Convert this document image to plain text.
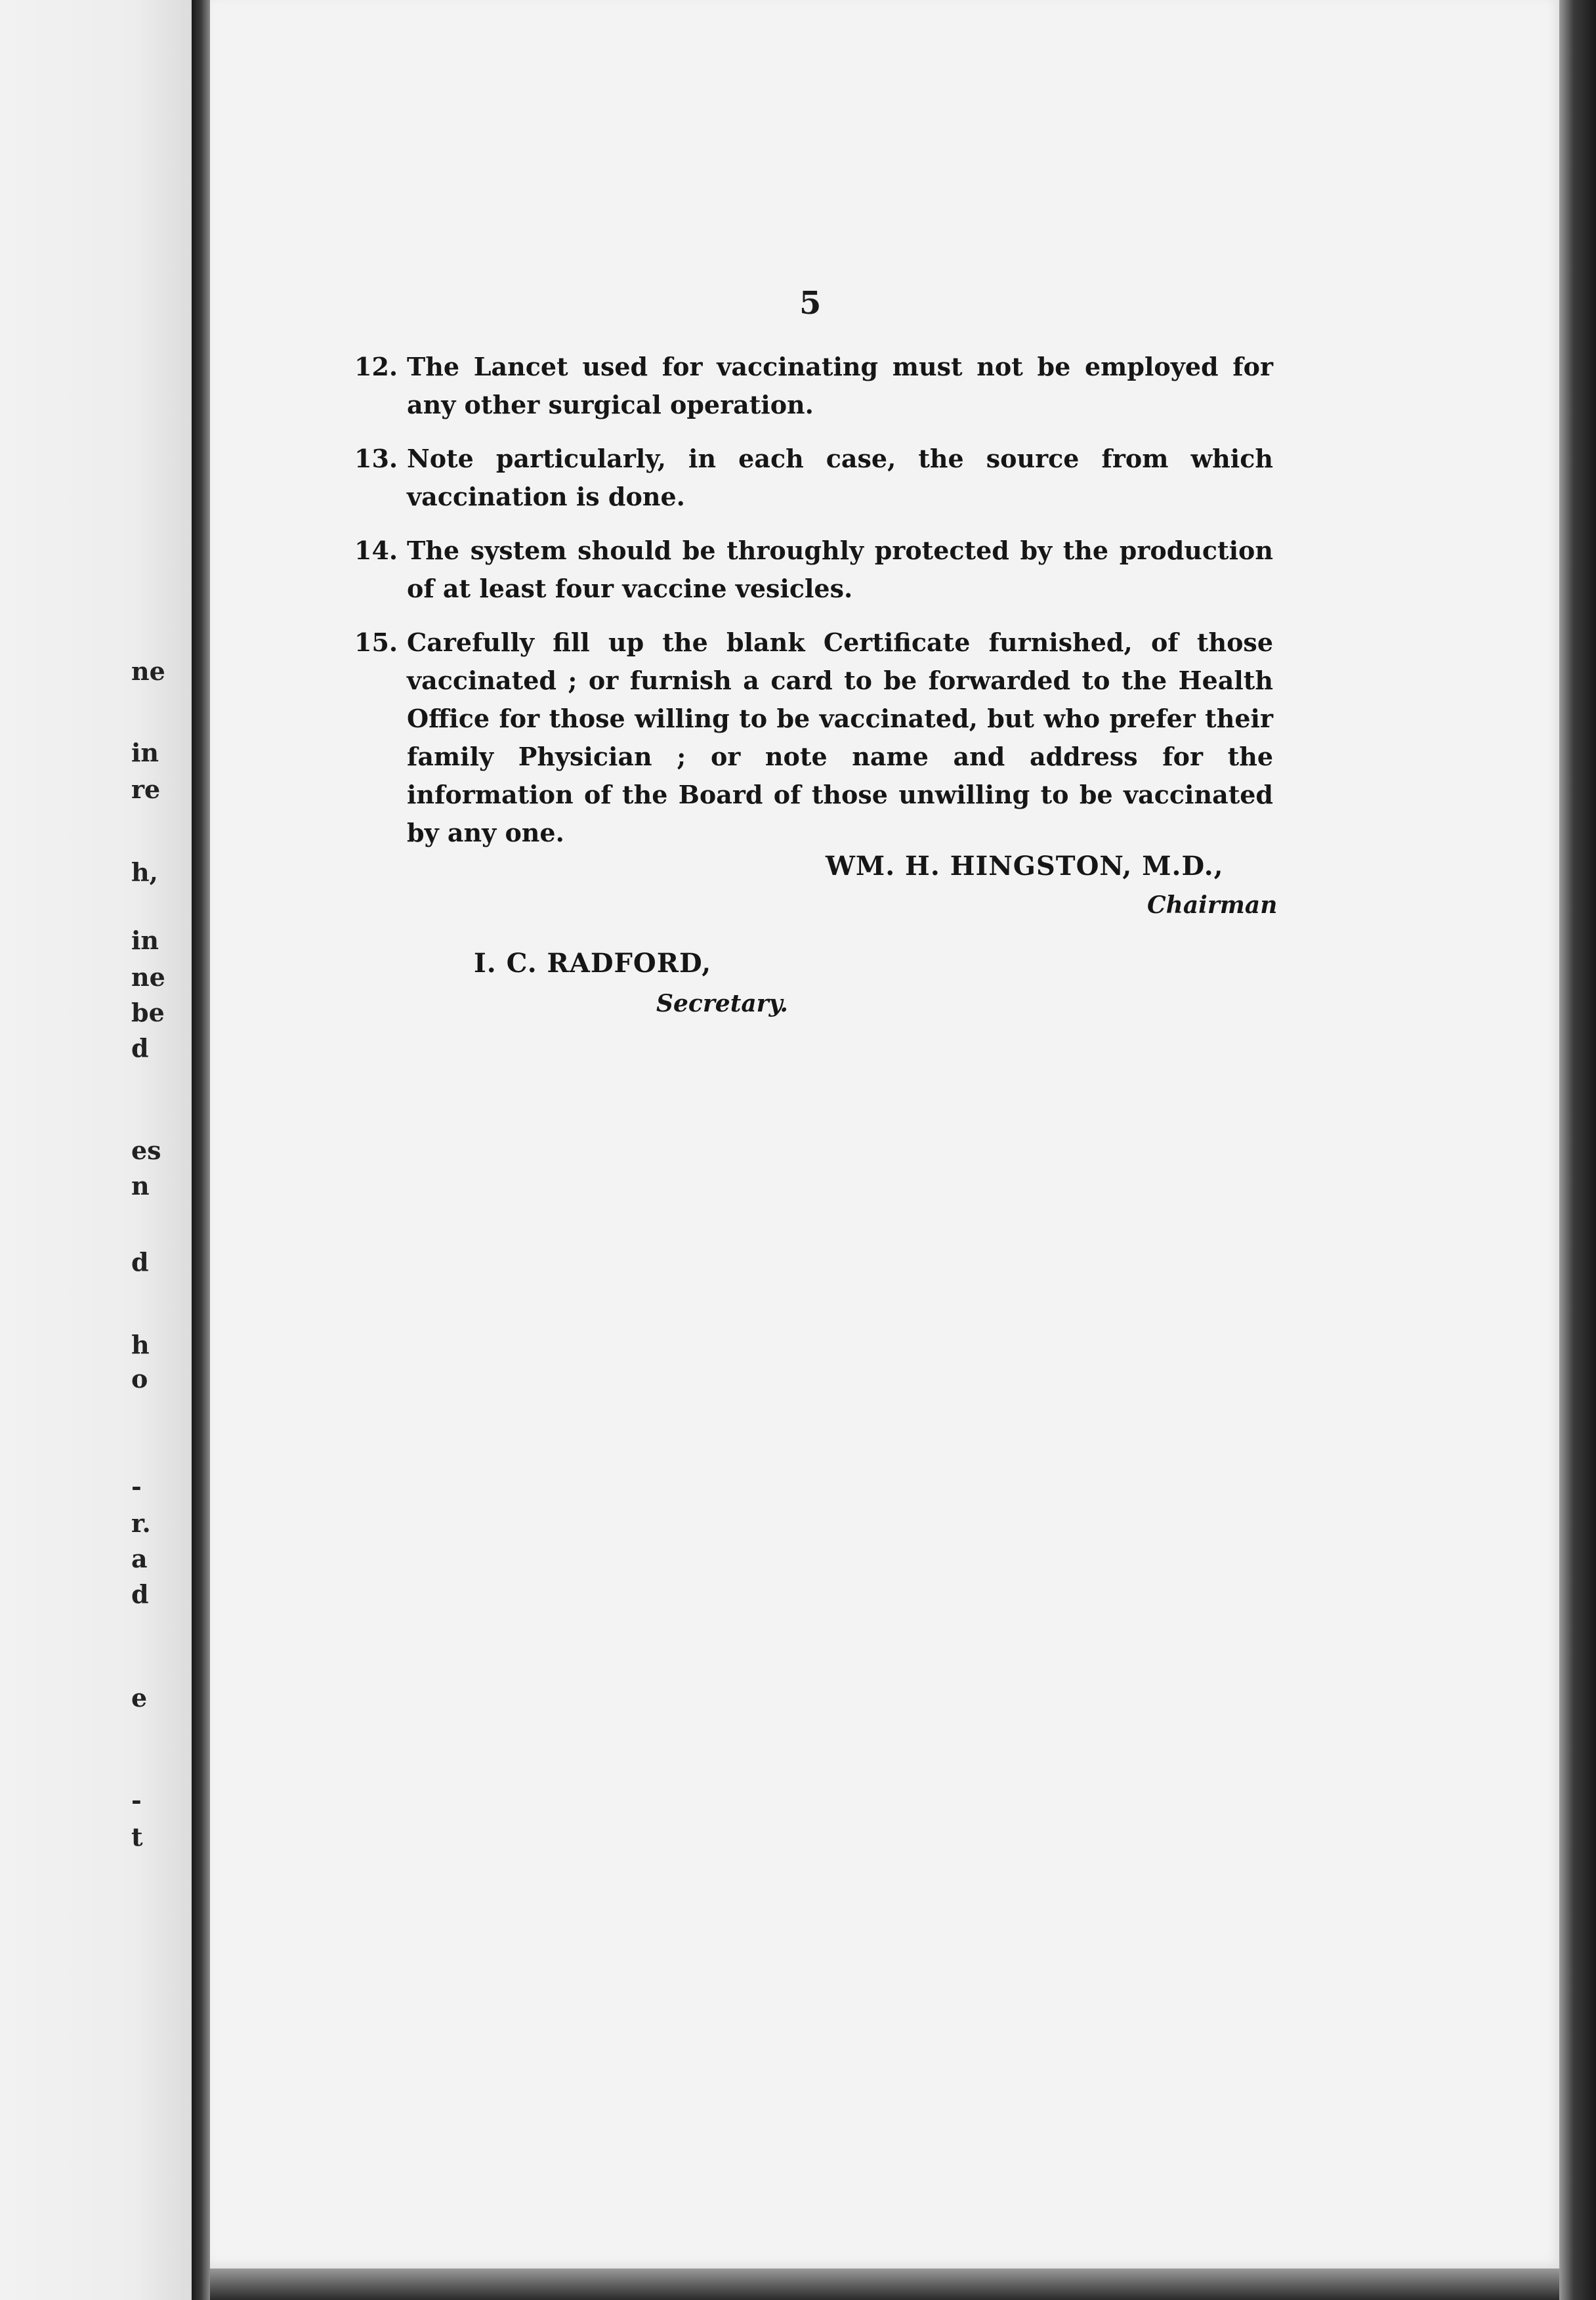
ne
in
re
h,
in
ne
be
d
es
n
d
h
o
-
r.
a
d
e
-
t
5
12. The Lancet used for vaccinating must not be employed for any other surgical operation.
13. Note particularly, in each case, the source from which vaccination is done.
14. The system should be throughly protected by the production of at least four vaccine vesicles.
15. Carefully fill up the blank Certificate furnished, of those vaccinated ; or furnish a card to be forwarded to the Health Office for those willing to be vaccinated, but who prefer their family Physician ; or note name and address for the information of the Board of those unwilling to be vaccinated by any one.
WM. H. HINGSTON, M.D.,
Chairman
I. C. RADFORD,
Secretary.
